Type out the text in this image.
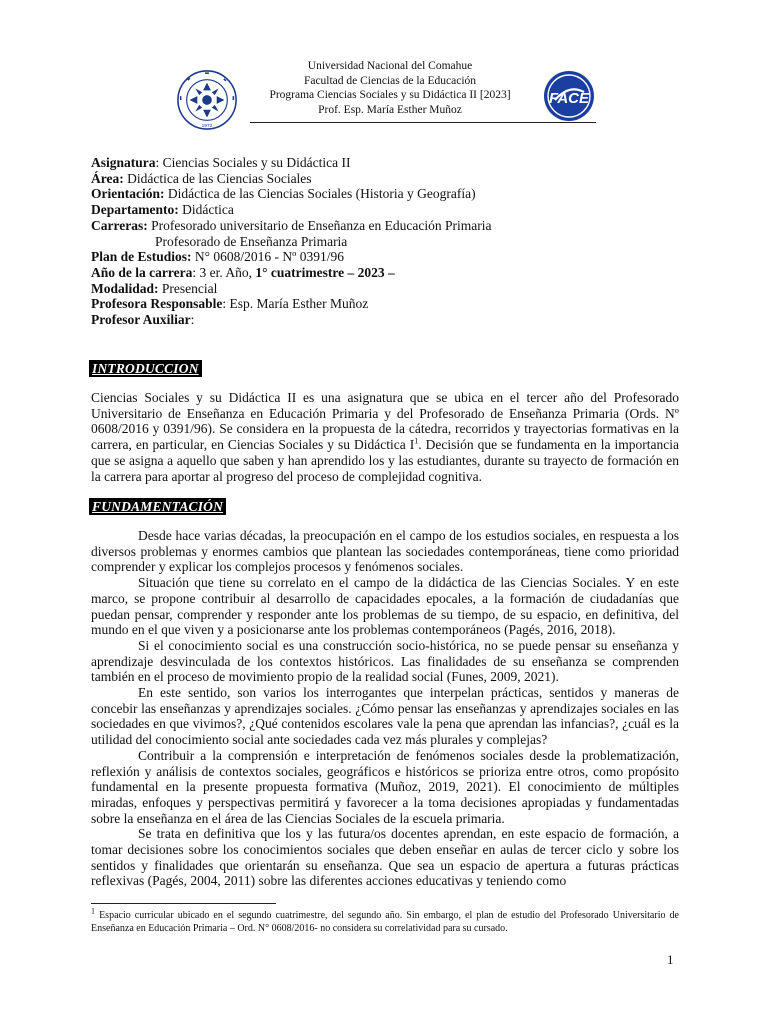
1972
Universidad Nacional del Comahue
Facultad de Ciencias de la Educación
Programa Ciencias Sociales y su Didáctica II [2023]
Prof. Esp. María Esther Muñoz
FACE
Asignatura: Ciencias Sociales y su Didáctica II
Área: Didáctica de las Ciencias Sociales
Orientación: Didáctica de las Ciencias Sociales (Historia y Geografía)
Departamento: Didáctica
Carreras: Profesorado universitario de Enseñanza en Educación Primaria
Profesorado de Enseñanza Primaria
Plan de Estudios: N° 0608/2016 - Nº 0391/96
Año de la carrera: 3 er. Año, 1° cuatrimestre – 2023 –
Modalidad: Presencial
Profesora Responsable: Esp. María Esther Muñoz
Profesor Auxiliar:
INTRODUCCION

Ciencias Sociales y su Didáctica II es una asignatura que se ubica en el tercer año del Profesorado Universitario de Enseñanza en Educación Primaria y del Profesorado de Enseñanza Primaria (Ords. Nº 0608/2016 y 0391/96). Se considera en la propuesta de la cátedra, recorridos y trayectorias formativas en la carrera, en particular, en Ciencias Sociales y su Didáctica $I^1$. Decisión que se fundamenta en la importancia que se asigna a aquello que saben y han aprendido los y las estudiantes, durante su trayecto de formación en la carrera para aportar al progreso del proceso de complejidad cognitiva.

FUNDAMENTACIÓN

Desde hace varias décadas, la preocupación en el campo de los estudios sociales, en respuesta a los diversos problemas y enormes cambios que plantean las sociedades contemporáneas, tiene como prioridad comprender y explicar los complejos procesos y fenómenos sociales.

Situación que tiene su correlato en el campo de la didáctica de las Ciencias Sociales. Y en este marco, se propone contribuir al desarrollo de capacidades epocales, a la formación de ciudadanías que puedan pensar, comprender y responder ante los problemas de su tiempo, de su espacio, en definitiva, del mundo en el que viven y a posicionarse ante los problemas contemporáneos (Pagés, 2016, 2018).

Si el conocimiento social es una construcción socio-histórica, no se puede pensar su enseñanza y aprendizaje desvinculada de los contextos históricos. Las finalidades de su enseñanza se comprenden también en el proceso de movimiento propio de la realidad social (Funes, 2009, 2021).

En este sentido, son varios los interrogantes que interpelan prácticas, sentidos y maneras de concebir las enseñanzas y aprendizajes sociales. ¿Cómo pensar las enseñanzas y aprendizajes sociales en las sociedades en que vivimos?, ¿Qué contenidos escolares vale la pena que aprendan las infancias?, ¿cuál es la utilidad del conocimiento social ante sociedades cada vez más plurales y complejas?

Contribuir a la comprensión e interpretación de fenómenos sociales desde la problematización, reflexión y análisis de contextos sociales, geográficos e históricos se prioriza entre otros, como propósito fundamental en la presente propuesta formativa (Muñoz, 2019, 2021). El conocimiento de múltiples miradas, enfoques y perspectivas permitirá y favorecer a la toma decisiones apropiadas y fundamentadas sobre la enseñanza en el área de las Ciencias Sociales de la escuela primaria.

Se trata en definitiva que los y las futura/os docentes aprendan, en este espacio de formación, a tomar decisiones sobre los conocimientos sociales que deben enseñar en aulas de tercer ciclo y sobre los sentidos y finalidades que orientarán su enseñanza. Que sea un espacio de apertura a futuras prácticas reflexivas (Pagés, 2004, 2011) sobre las diferentes acciones educativas y teniendo como

$^1$ Espacio curricular ubicado en el segundo cuatrimestre, del segundo año. Sin embargo, el plan de estudio del Profesorado Universitario de Enseñanza en Educación Primaria – Ord. N° 0608/2016- no considera su correlatividad para su cursado.
1
